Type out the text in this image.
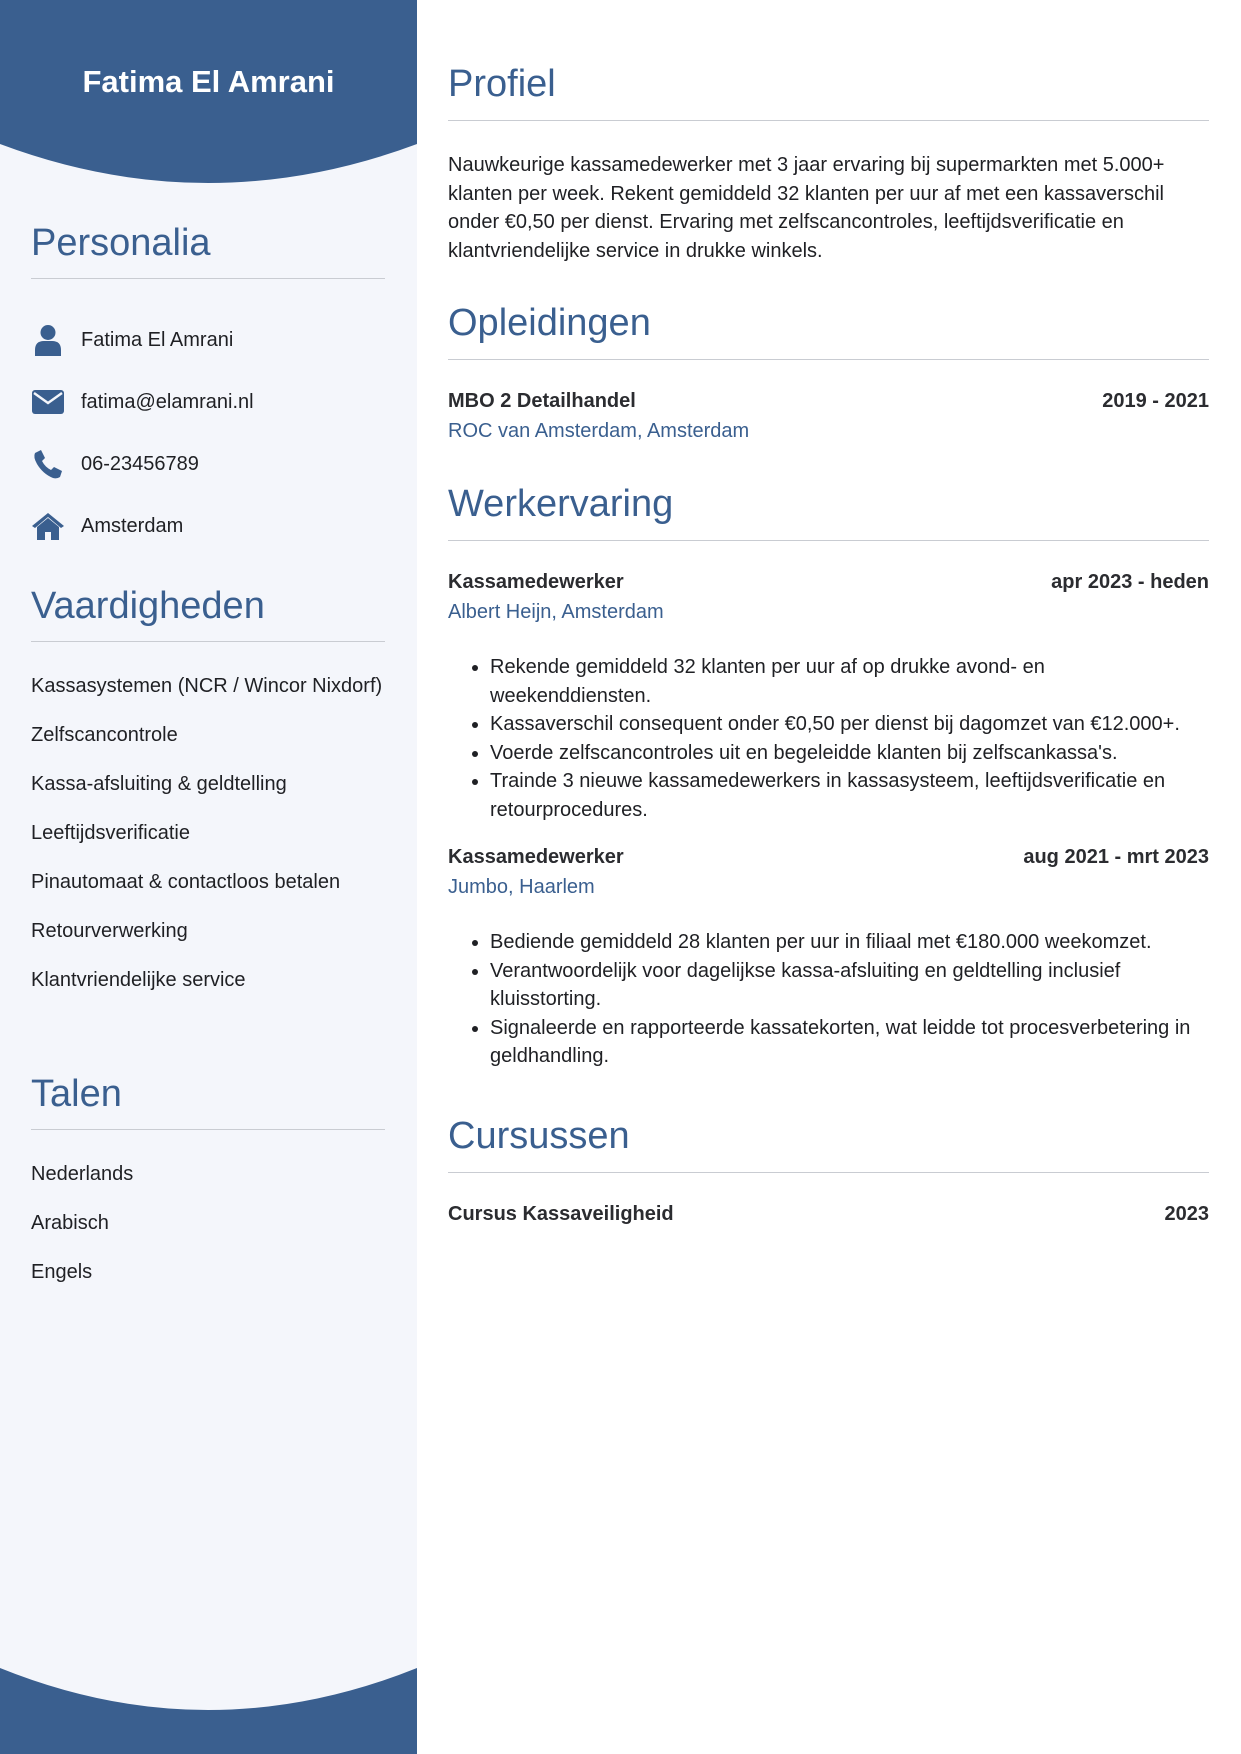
Fatima El Amrani
Personalia
Fatima El Amrani
fatima@elamrani.nl
06-23456789
Amsterdam
Vaardigheden
Kassasystemen (NCR / Wincor Nixdorf)
Zelfscancontrole
Kassa-afsluiting & geldtelling
Leeftijdsverificatie
Pinautomaat & contactloos betalen
Retourverwerking
Klantvriendelijke service
Talen
Nederlands
Arabisch
Engels
Profiel

Nauwkeurige kassamedewerker met 3 jaar ervaring bij supermarkten met 5.000+ klanten per week. Rekent gemiddeld 32 klanten per uur af met een kassaverschil onder €0,50 per dienst. Ervaring met zelfscancontroles, leeftijdsverificatie en klantvriendelijke service in drukke winkels.

Opleidingen
MBO 2 Detailhandel	2019 - 2021
ROC van Amsterdam, Amsterdam
Werkervaring
Kassamedewerker	apr 2023 - heden
Albert Heijn, Amsterdam
• Rekende gemiddeld 32 klanten per uur af op drukke avond- en weekenddiensten.
• Kassaverschil consequent onder €0,50 per dienst bij dagomzet van €12.000+.
• Voerde zelfscancontroles uit en begeleidde klanten bij zelfscankassa's.
• Trainde 3 nieuwe kassamedewerkers in kassasysteem, leeftijdsverificatie en retourprocedures.
Kassamedewerker	aug 2021 - mrt 2023
Jumbo, Haarlem
• Bediende gemiddeld 28 klanten per uur in filiaal met €180.000 weekomzet.
• Verantwoordelijk voor dagelijkse kassa-afsluiting en geldtelling inclusief kluisstorting.
• Signaleerde en rapporteerde kassatekorten, wat leidde tot procesverbetering in geldhandling.
Cursussen
Cursus Kassaveiligheid	2023
